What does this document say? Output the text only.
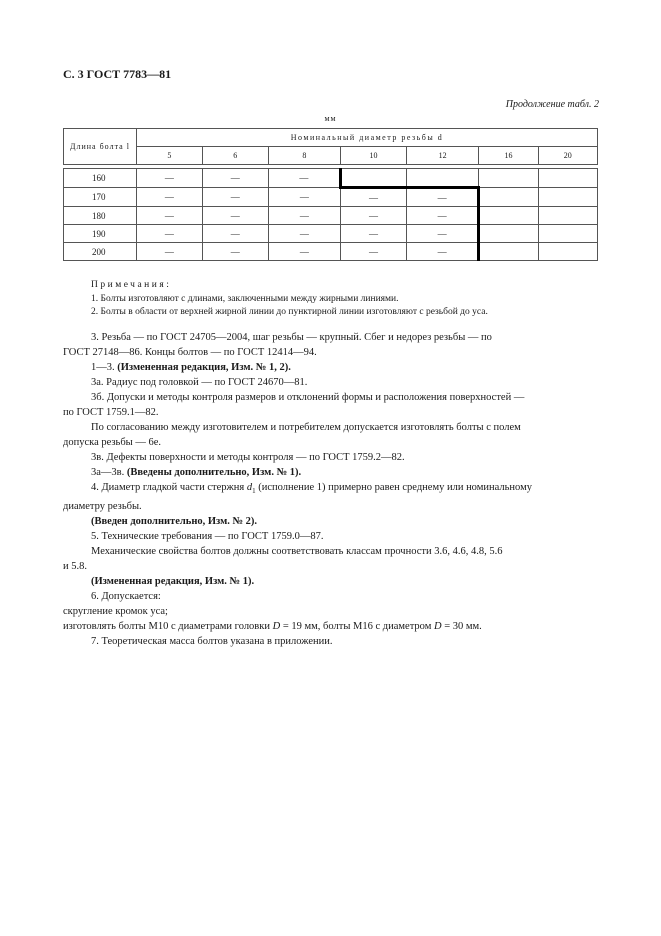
С. 3 ГОСТ 7783—81
Продолжение табл. 2
мм
Длина болта l	Номинальный диаметр резьбы d						
	5	6	8	10	12	16	20

160	—	—	—				
170	—	—	—	—	—		
180	—	—	—	—	—		
190	—	—	—	—	—		
200	—	—	—	—	—		
Примечания:
1. Болты изготовляют с длинами, заключенными между жирными линиями.
2. Болты в области от верхней жирной линии до пунктирной линии изготовляют с резьбой до уса.

3. Резьба — по ГОСТ 24705—2004, шаг резьбы — крупный. Сбег и недорез резьбы — по

ГОСТ 27148—86. Концы болтов — по ГОСТ 12414—94.

1—3. (Измененная редакция, Изм. № 1, 2).

3а. Радиус под головкой — по ГОСТ 24670—81.

3б. Допуски и методы контроля размеров и отклонений формы и расположения поверхностей —

по ГОСТ 1759.1—82.

По согласованию между изготовителем и потребителем допускается изготовлять болты с полем

допуска резьбы — 6е.

3в. Дефекты поверхности и методы контроля — по ГОСТ 1759.2—82.

3а—3в. (Введены дополнительно, Изм. № 1).

4. Диаметр гладкой части стержня $d_1$ (исполнение 1) примерно равен среднему или номинальному

диаметру резьбы.

(Введен дополнительно, Изм. № 2).

5. Технические требования — по ГОСТ 1759.0—87.

Механические свойства болтов должны соответствовать классам прочности 3.6, 4.6, 4.8, 5.6

и 5.8.

(Измененная редакция, Изм. № 1).

6. Допускается:

скругление кромок уса;

изготовлять болты М10 с диаметрами головки D = 19 мм, болты М16 с диаметром D = 30 мм.

7. Теоретическая масса болтов указана в приложении.
